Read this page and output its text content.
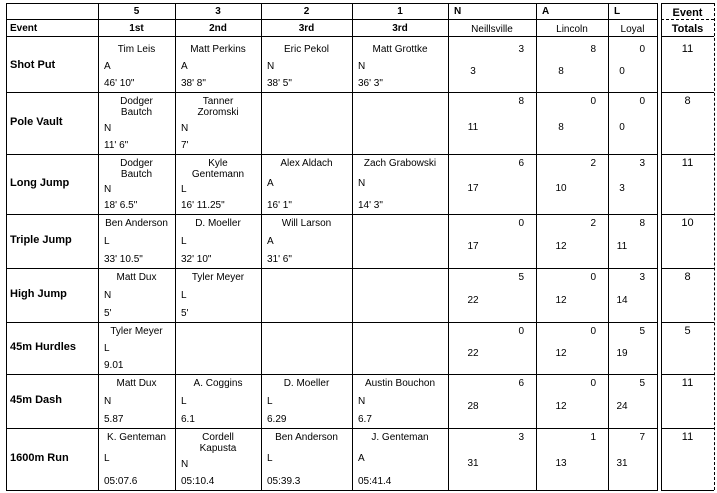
5
1st
3
2nd
2
3rd
1
3rd
Event
N
Neillsville
A
Lincoln
L
Loyal
Event
Totals
Shot Put
Tim Leis
A
46' 10"
Matt Perkins
A
38' 8"
Eric Pekol
N
38' 5"
Matt Grottke
N
36' 3"
3
3
8
8
0
0
11
Pole Vault
Dodger
Bautch
N
11' 6"
Tanner
Zoromski
N
7'
8
11
0
8
0
0
8
Long Jump
Dodger
Bautch
N
18' 6.5"
Kyle
Gentemann
L
16' 11.25"
Alex Aldach
A
16' 1"
Zach Grabowski
N
14' 3"
6
17
2
10
3
3
11
Triple Jump
Ben Anderson
L
33' 10.5"
D. Moeller
L
32' 10"
Will Larson
A
31' 6"
0
17
2
12
8
11
10
High Jump
Matt Dux
N
5'
Tyler Meyer
L
5'
5
22
0
12
3
14
8
45m Hurdles
Tyler Meyer
L
9.01
0
22
0
12
5
19
5
45m Dash
Matt Dux
N
5.87
A. Coggins
L
6.1
D. Moeller
L
6.29
Austin Bouchon
N
6.7
6
28
0
12
5
24
11
1600m Run
K. Genteman
L
05:07.6
Cordell
Kapusta
N
05:10.4
Ben Anderson
L
05:39.3
J. Genteman
A
05:41.4
3
31
1
13
7
31
11
